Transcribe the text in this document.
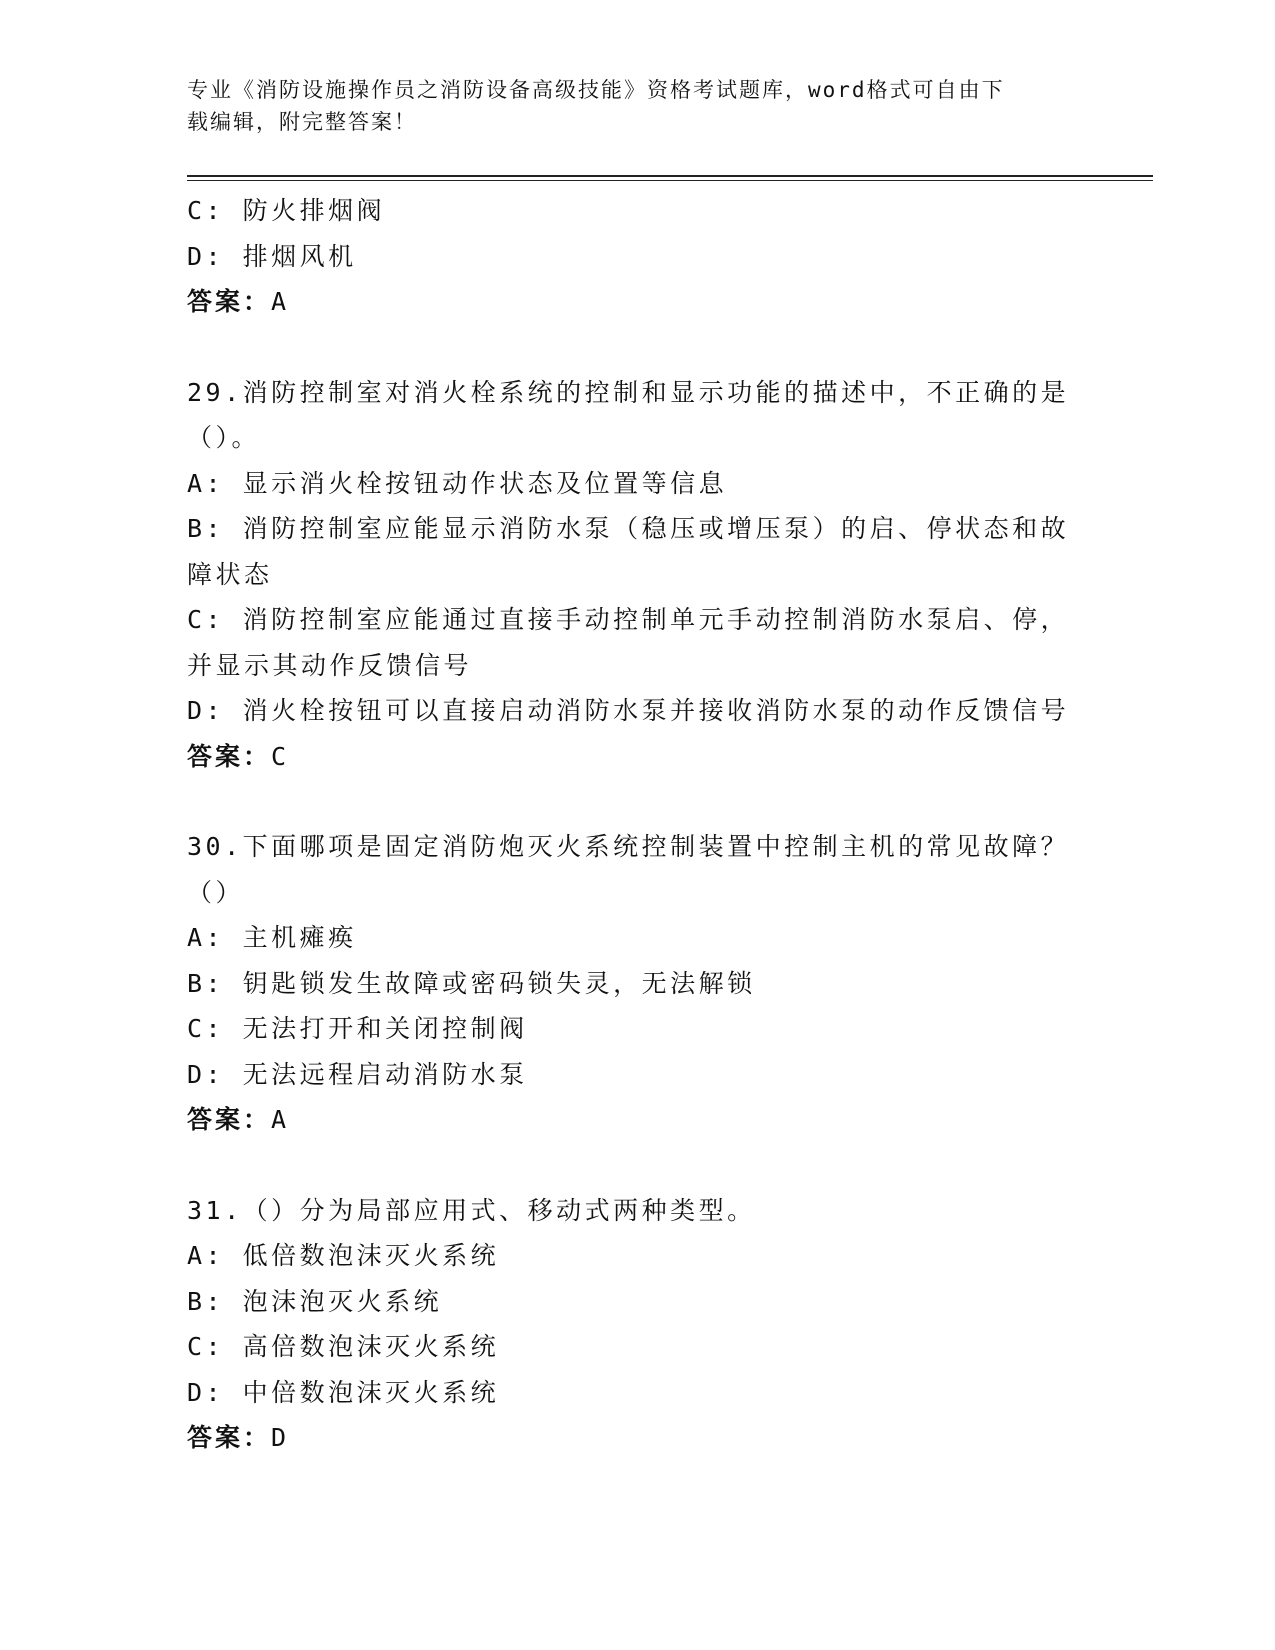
专业《消防设施操作员之消防设备高级技能》资格考试题库，word格式可自由下
载编辑，附完整答案！

C: 防火排烟阀

D: 排烟风机

答案：A

29.消防控制室对消火栓系统的控制和显示功能的描述中，不正确的是

（）。

A: 显示消火栓按钮动作状态及位置等信息

B: 消防控制室应能显示消防水泵（稳压或增压泵）的启、停状态和故

障状态

C: 消防控制室应能通过直接手动控制单元手动控制消防水泵启、停，

并显示其动作反馈信号

D: 消火栓按钮可以直接启动消防水泵并接收消防水泵的动作反馈信号

答案：C

30.下面哪项是固定消防炮灭火系统控制装置中控制主机的常见故障？

（）

A: 主机瘫痪

B: 钥匙锁发生故障或密码锁失灵，无法解锁

C: 无法打开和关闭控制阀

D: 无法远程启动消防水泵

答案：A

31.（）分为局部应用式、移动式两种类型。

A: 低倍数泡沫灭火系统

B: 泡沫泡灭火系统

C: 高倍数泡沫灭火系统

D: 中倍数泡沫灭火系统

答案：D
